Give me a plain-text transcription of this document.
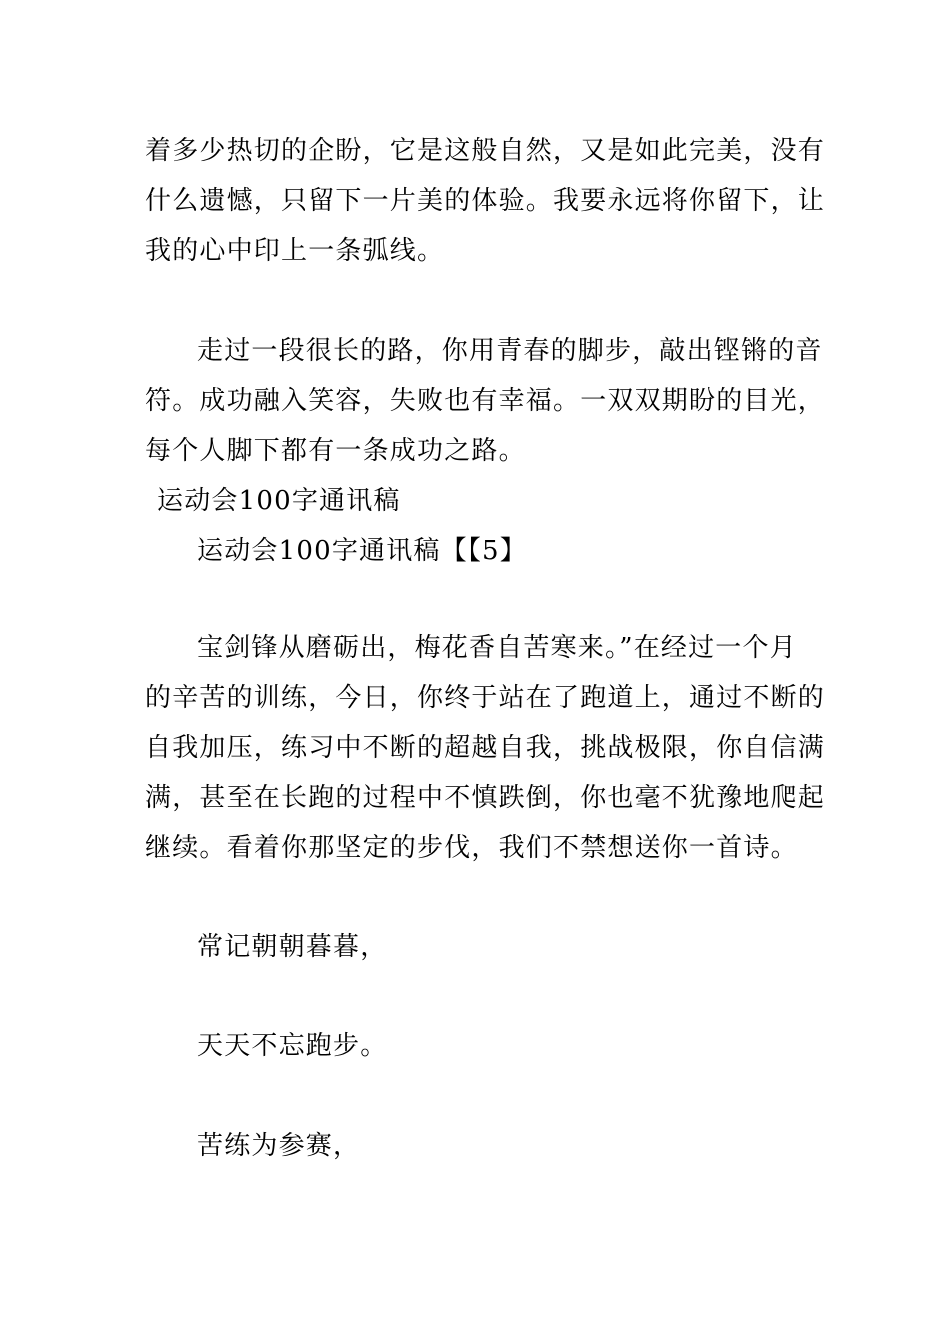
着多少热切的企盼，它是这般自然，又是如此完美，没有
什么遗憾，只留下一片美的体验。我要永远将你留下，让
我的心中印上一条弧线。
走过一段很长的路，你用青春的脚步，敲出铿锵的音
符。成功融入笑容，失败也有幸福。一双双期盼的目光，
每个人脚下都有一条成功之路。
运动会100字通讯稿
运动会100字通讯稿【【5】
宝剑锋从磨砺出，梅花香自苦寒来。”在经过一个月
的辛苦的训练，今日，你终于站在了跑道上，通过不断的
自我加压，练习中不断的超越自我，挑战极限，你自信满
满，甚至在长跑的过程中不慎跌倒，你也毫不犹豫地爬起
继续。看着你那坚定的步伐，我们不禁想送你一首诗。
常记朝朝暮暮，
天天不忘跑步。
苦练为参赛，
